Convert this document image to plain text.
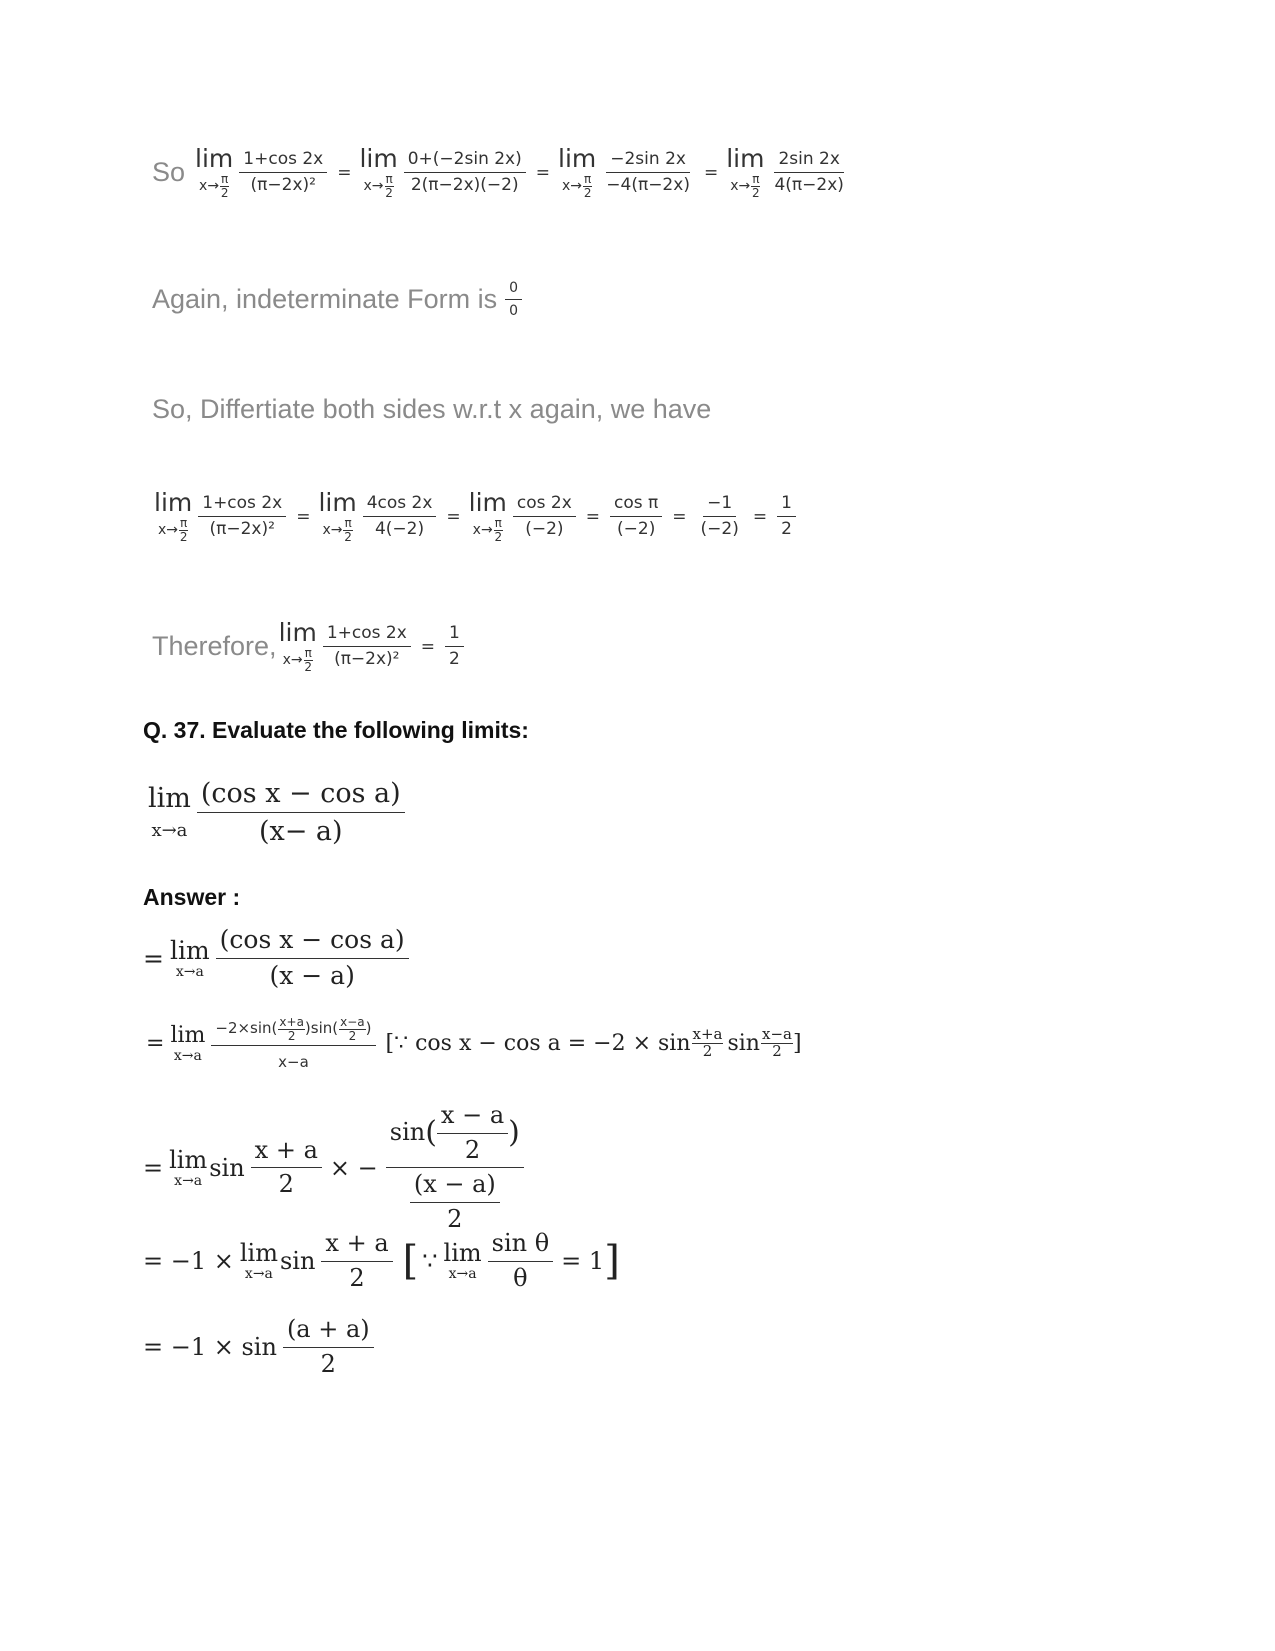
So lim
x→ π
$2 \frac{1+\cos 2x}{\text{(π−2x)²}} = \lim$
x→ π
$2 \frac{0+(-2\sin 2x)}{2(\pi-2x)(-2)} = \lim$
x→ π
$2 \frac{-2\sin 2x}{-4(\pi-2x)} = \lim$
x→ π
$2 \frac{2\sin 2x}{4(\pi-2x)}$
Again, indeterminate Form is $\frac{0}{0}$
So, Differtiate both sides w.r.t x again, we have
lim
x→ π
$2 \frac{1+\cos 2x}{\text{(π−2x)²}} = \lim$
x→ π
$2 \frac{4\cos 2x}{4(-2)} = \lim$
x→ π
$2 \frac{\cos 2x}{(-2)} = \frac{\text{cos π}}{(-2)} = \frac{-1}{(-2)} = \frac{1}{2}$
Therefore, lim
x→ π
$2 \frac{1+\cos 2x}{\text{(π−2x)²}} = \frac{1}{2}$
Q. 37. Evaluate the following limits:
lim
$x\to a \frac{\text{(cos x − cos a)}}{(x- a)}$
Answer :
= lim
$x\to a \frac{\text{(cos x − cos a)}}{(x - a)}$
= lim
x→a −2×sin ( x+a
2 ) sin ( x−a
2 )
x−a [∵ cos x − cos a = −2 × sin x+a
2 sin x−a
2 ]
= lim
x→a $\sin \frac{x + a}{2}$ × − $\frac{\sin ( \frac{x - a}{2} )}{\frac{(x - a)}{2}}$
= −1 × lim
x→a $\sin \frac{x + a}{2}$ [ ∵ lim
$x\to a \frac{\text{sin θ}}{\theta} = 1$ ]
= $-1 \times \sin \frac{(a + a)}{2}$
